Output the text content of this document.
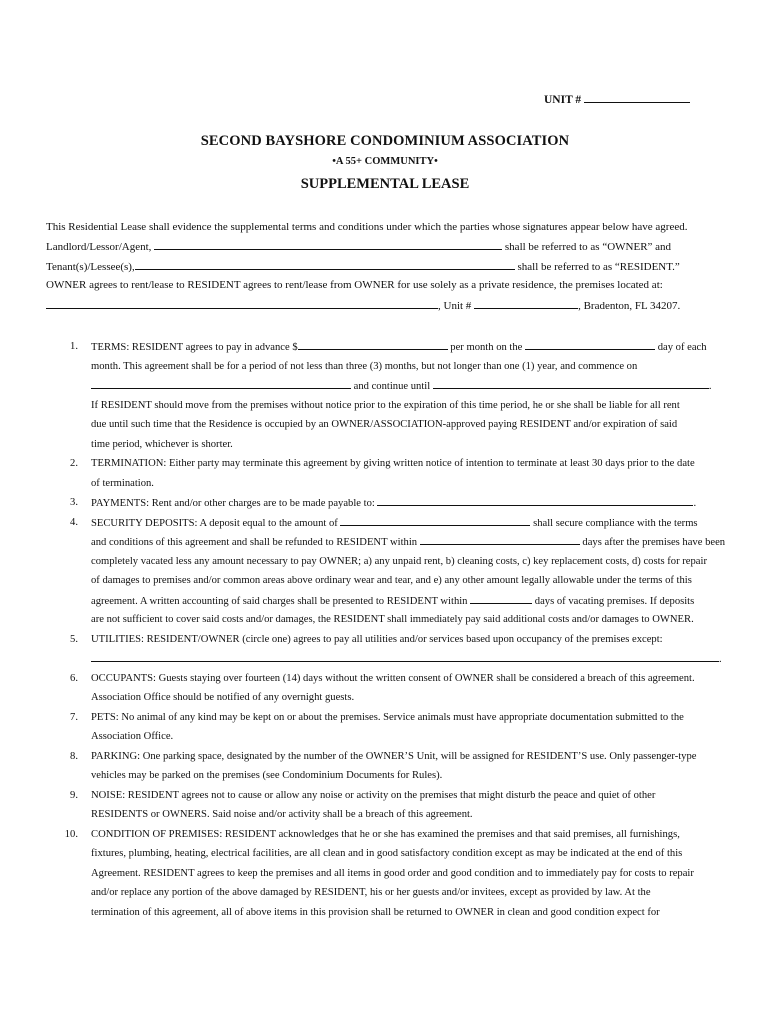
UNIT #
SECOND BAYSHORE CONDOMINIUM ASSOCIATION
•A 55+ COMMUNITY•
SUPPLEMENTAL LEASE
This Residential Lease shall evidence the supplemental terms and conditions under which the parties whose signatures appear below have agreed.
Landlord/Lessor/Agent,	shall be referred to as “OWNER” and
Tenant(s)/Lessee(s),	shall be referred to as “RESIDENT.”
OWNER agrees to rent/lease to RESIDENT agrees to rent/lease from OWNER for use solely as a private residence, the premises located at:
, Unit #	, Bradenton, FL 34207.
1. TERMS: RESIDENT agrees to pay in advance $	per month on the	day of each
month. This agreement shall be for a period of not less than three (3) months, but not longer than one (1) year, and commence on
and continue until	.
If RESIDENT should move from the premises without notice prior to the expiration of this time period, he or she shall be liable for all rent
due until such time that the Residence is occupied by an OWNER/ASSOCIATION-approved paying RESIDENT and/or expiration of said
time period, whichever is shorter.
2. TERMINATION: Either party may terminate this agreement by giving written notice of intention to terminate at least 30 days prior to the date
of termination.
3. PAYMENTS: Rent and/or other charges are to be made payable to:	.
4. SECURITY DEPOSITS: A deposit equal to the amount of	shall secure compliance with the terms
and conditions of this agreement and shall be refunded to RESIDENT within	days after the premises have been
completely vacated less any amount necessary to pay OWNER; a) any unpaid rent, b) cleaning costs, c) key replacement costs, d) costs for repair
of damages to premises and/or common areas above ordinary wear and tear, and e) any other amount legally allowable under the terms of this
agreement. A written accounting of said charges shall be presented to RESIDENT within	days of vacating premises. If deposits
are not sufficient to cover said costs and/or damages, the RESIDENT shall immediately pay said additional costs and/or damages to OWNER.
5. UTILITIES: RESIDENT/OWNER (circle one) agrees to pay all utilities and/or services based upon occupancy of the premises except:
.
6. OCCUPANTS: Guests staying over fourteen (14) days without the written consent of OWNER shall be considered a breach of this agreement.
Association Office should be notified of any overnight guests.
7. PETS: No animal of any kind may be kept on or about the premises. Service animals must have appropriate documentation submitted to the
Association Office.
8. PARKING: One parking space, designated by the number of the OWNER’S Unit, will be assigned for RESIDENT’S use. Only passenger-type
vehicles may be parked on the premises (see Condominium Documents for Rules).
9. NOISE: RESIDENT agrees not to cause or allow any noise or activity on the premises that might disturb the peace and quiet of other
RESIDENTS or OWNERS. Said noise and/or activity shall be a breach of this agreement.
10. CONDITION OF PREMISES: RESIDENT acknowledges that he or she has examined the premises and that said premises, all furnishings,
fixtures, plumbing, heating, electrical facilities, are all clean and in good satisfactory condition except as may be indicated at the end of this
Agreement. RESIDENT agrees to keep the premises and all items in good order and good condition and to immediately pay for costs to repair
and/or replace any portion of the above damaged by RESIDENT, his or her guests and/or invitees, except as provided by law. At the
termination of this agreement, all of above items in this provision shall be returned to OWNER in clean and good condition expect for
